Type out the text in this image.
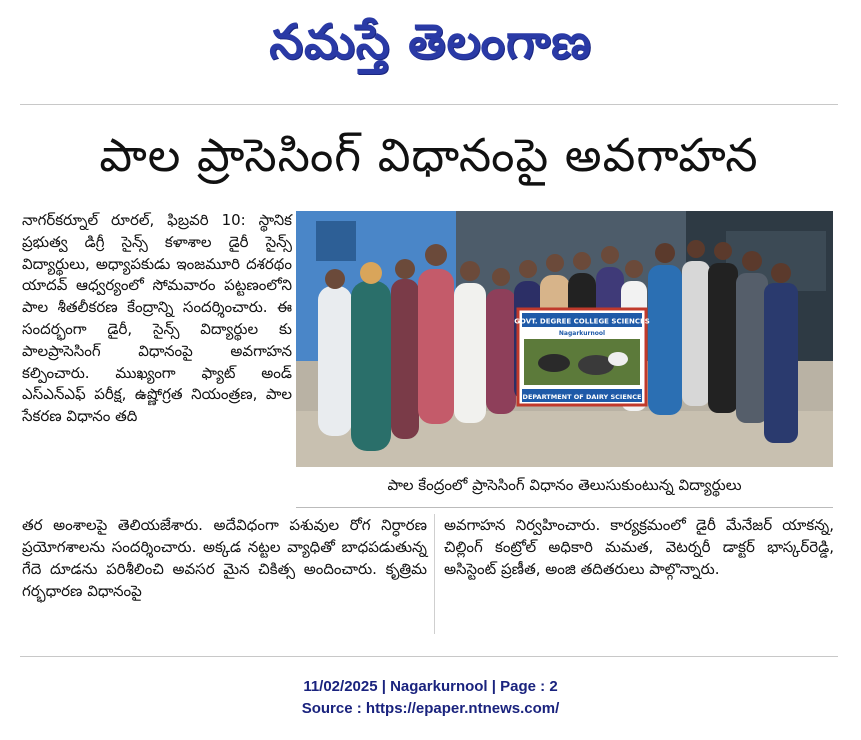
నమస్తే తెలంగాణ
పాల ప్రాసెసింగ్ విధానంపై అవగాహన
నాగర్‌కర్నూల్ రూరల్, ఫిబ్రవరి 10: స్థానిక ప్రభుత్వ డిగ్రీ సైన్స్ కళాశాల డైరీ సైన్స్ విద్యార్థులు, అధ్యాపకుడు ఇంజమూరి దశరథం యాదవ్ ఆధ్వర్యంలో సోమవారం పట్టణంలోని పాల శీతలీకరణ కేంద్రాన్ని సందర్శించారు. ఈ సందర్భంగా డైరీ, సైన్స్ విద్యార్థుల కు పాలప్రాసెసింగ్ విధానంపై అవగాహన కల్పించారు. ముఖ్యంగా ఫ్యాట్ అండ్ ఎస్ఎన్ఎఫ్ పరీక్ష, ఉష్ణోగ్రత నియంత్రణ, పాల సేకరణ విధానం తది
GOVT. DEGREE COLLEGE SCIENCES
Nagarkurnool
DEPARTMENT OF DAIRY SCIENCE
పాల కేంద్రంలో ప్రాసెసింగ్ విధానం తెలుసుకుంటున్న విద్యార్థులు
తర అంశాలపై తెలియజేశారు. అదేవిధంగా పశువుల రోగ నిర్ధారణ ప్రయోగశాలను సందర్శించారు. అక్కడ నట్టల వ్యాధితో బాధపడుతున్న గేదె దూడను పరిశీలించి అవసర మైన చికిత్స అందించారు. కృత్రిమ గర్భధారణ విధానంపై
అవగాహన నిర్వహించారు. కార్యక్రమంలో డైరీ మేనేజర్ యాకన్న, చిల్లింగ్ కంట్రోల్ అధికారి మమత, వెటర్నరీ డాక్టర్ భాస్కర్‌రెడ్డి, అసిస్టెంట్ ప్రణీత, అంజి తదితరులు పాల్గొన్నారు.
11/02/2025 | Nagarkurnool | Page : 2
Source : https://epaper.ntnews.com/
